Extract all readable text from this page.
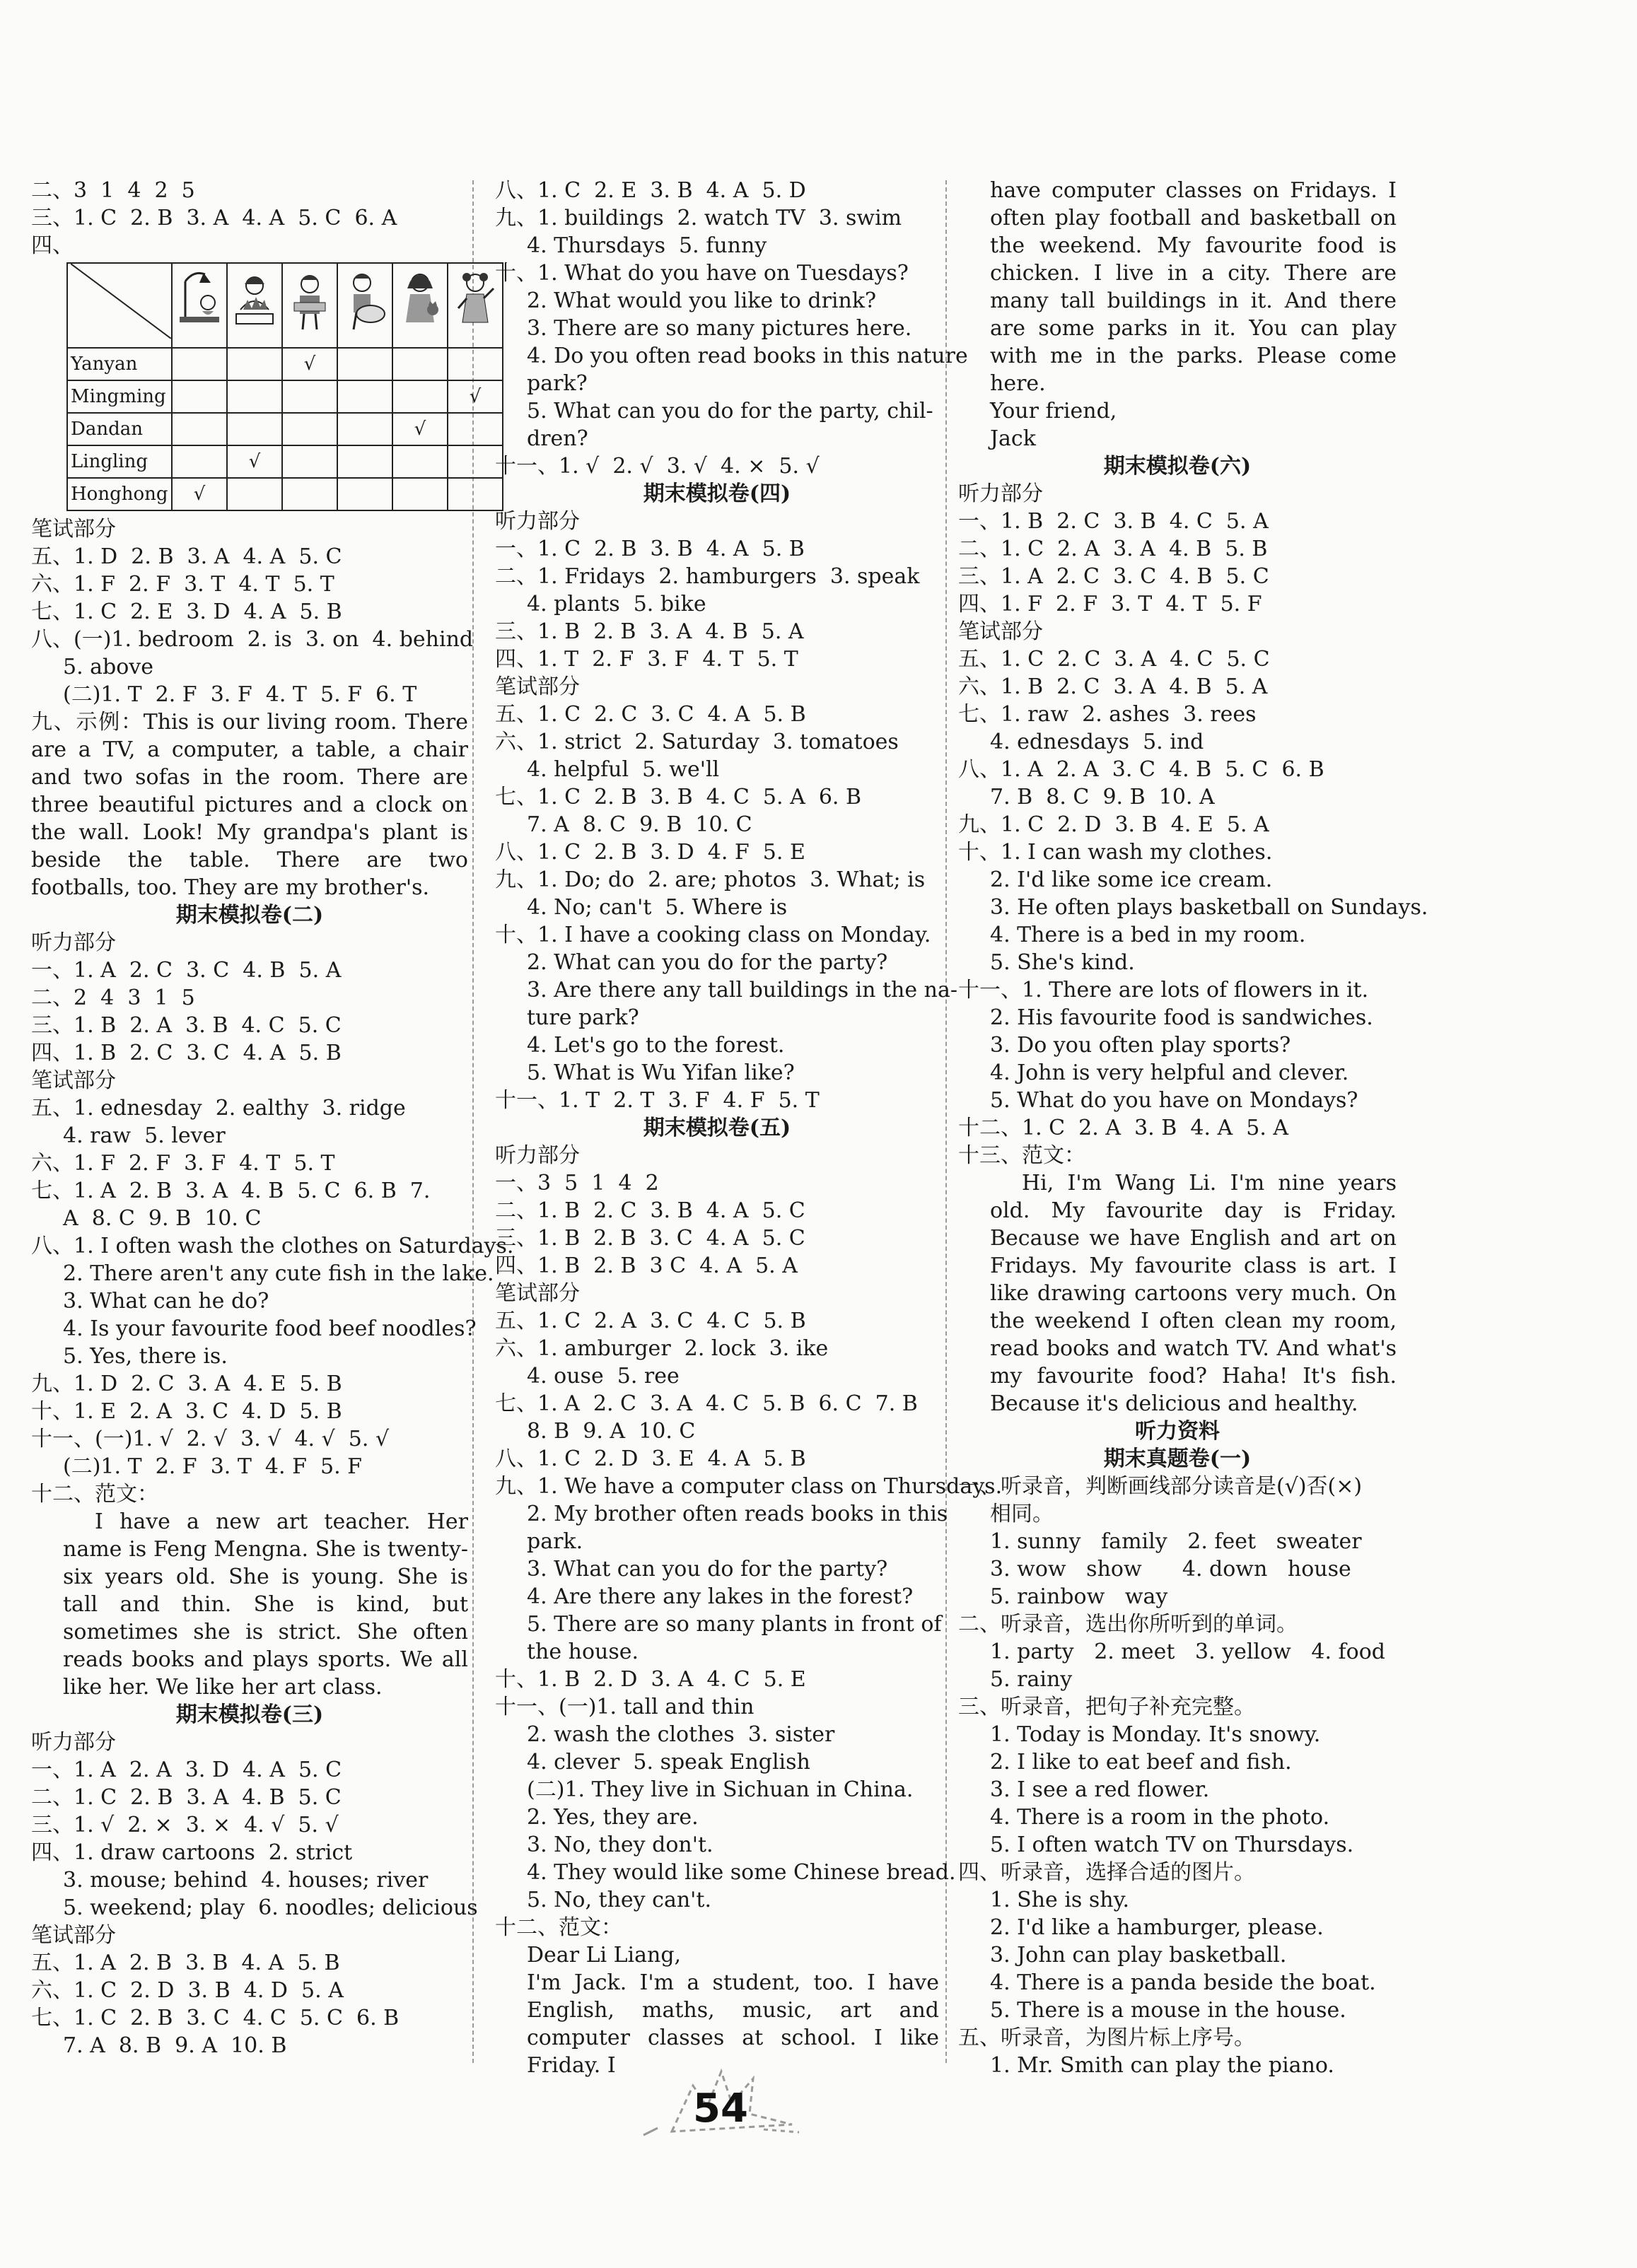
二、3  1  4  2  5
三、1. C  2. B  3. A  4. A  5. C  6. A
四、

Yanyan			√			
Mingming						√
Dandan					√	
Lingling		√				
Honghong	√					
笔试部分
五、1. D  2. B  3. A  4. A  5. C
六、1. F  2. F  3. T  4. T  5. T
七、1. C  2. E  3. D  4. A  5. B
八、(一)1. bedroom  2. is  3. on  4. behind
5. above
(二)1. T  2. F  3. F  4. T  5. F  6. T
九、示例：This is our living room. There are a TV, a computer, a table, a chair and two sofas in the room. There are three beautiful pictures and a clock on the wall. Look! My grandpa's plant is beside the table. There are two footballs, too. They are my brother's.
期末模拟卷(二)
听力部分
一、1. A  2. C  3. C  4. B  5. A
二、2  4  3  1  5
三、1. B  2. A  3. B  4. C  5. C
四、1. B  2. C  3. C  4. A  5. B
笔试部分
五、1. ednesday  2. ealthy  3. ridge
4. raw  5. lever
六、1. F  2. F  3. F  4. T  5. T
七、1. A  2. B  3. A  4. B  5. C  6. B  7.
A  8. C  9. B  10. C
八、1. I often wash the clothes on Saturdays.
2. There aren't any cute fish in the lake.
3. What can he do?
4. Is your favourite food beef noodles?
5. Yes, there is.
九、1. D  2. C  3. A  4. E  5. B
十、1. E  2. A  3. C  4. D  5. B
十一、(一)1. √  2. √  3. √  4. √  5. √
(二)1. T  2. F  3. T  4. F  5. F
十二、范文：
I have a new art teacher. Her name is Feng Mengna. She is twenty-six years old. She is young. She is tall and thin. She is kind, but sometimes she is strict. She often reads books and plays sports. We all like her. We like her art class.
期末模拟卷(三)
听力部分
一、1. A  2. A  3. D  4. A  5. C
二、1. C  2. B  3. A  4. B  5. C
三、1. √  2. ×  3. ×  4. √  5. √
四、1. draw cartoons  2. strict
3. mouse; behind  4. houses; river
5. weekend; play  6. noodles; delicious
笔试部分
五、1. A  2. B  3. B  4. A  5. B
六、1. C  2. D  3. B  4. D  5. A
七、1. C  2. B  3. C  4. C  5. C  6. B
7. A  8. B  9. A  10. B
八、1. C  2. E  3. B  4. A  5. D
九、1. buildings  2. watch TV  3. swim
4. Thursdays  5. funny
十、1. What do you have on Tuesdays?
2. What would you like to drink?
3. There are so many pictures here.
4. Do you often read books in this nature
park?
5. What can you do for the party, chil-
dren?
十一、1. √  2. √  3. √  4. ×  5. √
期末模拟卷(四)
听力部分
一、1. C  2. B  3. B  4. A  5. B
二、1. Fridays  2. hamburgers  3. speak
4. plants  5. bike
三、1. B  2. B  3. A  4. B  5. A
四、1. T  2. F  3. F  4. T  5. T
笔试部分
五、1. C  2. C  3. C  4. A  5. B
六、1. strict  2. Saturday  3. tomatoes
4. helpful  5. we'll
七、1. C  2. B  3. B  4. C  5. A  6. B
7. A  8. C  9. B  10. C
八、1. C  2. B  3. D  4. F  5. E
九、1. Do; do  2. are; photos  3. What; is
4. No; can't  5. Where is
十、1. I have a cooking class on Monday.
2. What can you do for the party?
3. Are there any tall buildings in the na-
ture park?
4. Let's go to the forest.
5. What is Wu Yifan like?
十一、1. T  2. T  3. F  4. F  5. T
期末模拟卷(五)
听力部分
一、3  5  1  4  2
二、1. B  2. C  3. B  4. A  5. C
三、1. B  2. B  3. C  4. A  5. C
四、1. B  2. B  3 C  4. A  5. A
笔试部分
五、1. C  2. A  3. C  4. C  5. B
六、1. amburger  2. lock  3. ike
4. ouse  5. ree
七、1. A  2. C  3. A  4. C  5. B  6. C  7. B
8. B  9. A  10. C
八、1. C  2. D  3. E  4. A  5. B
九、1. We have a computer class on Thursdays.
2. My brother often reads books in this
park.
3. What can you do for the party?
4. Are there any lakes in the forest?
5. There are so many plants in front of
the house.
十、1. B  2. D  3. A  4. C  5. E
十一、(一)1. tall and thin
2. wash the clothes  3. sister
4. clever  5. speak English
(二)1. They live in Sichuan in China.
2. Yes, they are.
3. No, they don't.
4. They would like some Chinese bread.
5. No, they can't.
十二、范文：
Dear Li Liang,
I'm Jack. I'm a student, too. I have English, maths, music, art and computer classes at school. I like Friday. I
have computer classes on Fridays. I often play football and basketball on the weekend. My favourite food is chicken. I live in a city. There are many tall buildings in it. And there are some parks in it. You can play with me in the parks. Please come here.
Your friend,
Jack
期末模拟卷(六)
听力部分
一、1. B  2. C  3. B  4. C  5. A
二、1. C  2. A  3. A  4. B  5. B
三、1. A  2. C  3. C  4. B  5. C
四、1. F  2. F  3. T  4. T  5. F
笔试部分
五、1. C  2. C  3. A  4. C  5. C
六、1. B  2. C  3. A  4. B  5. A
七、1. raw  2. ashes  3. rees
4. ednesdays  5. ind
八、1. A  2. A  3. C  4. B  5. C  6. B
7. B  8. C  9. B  10. A
九、1. C  2. D  3. B  4. E  5. A
十、1. I can wash my clothes.
2. I'd like some ice cream.
3. He often plays basketball on Sundays.
4. There is a bed in my room.
5. She's kind.
十一、1. There are lots of flowers in it.
2. His favourite food is sandwiches.
3. Do you often play sports?
4. John is very helpful and clever.
5. What do you have on Mondays?
十二、1. C  2. A  3. B  4. A  5. A
十三、范文：
Hi, I'm Wang Li. I'm nine years old. My favourite day is Friday. Because we have English and art on Fridays. My favourite class is art. I like drawing cartoons very much. On the weekend I often clean my room, read books and watch TV. And what's my favourite food? Haha! It's fish. Because it's delicious and healthy.
听力资料
期末真题卷(一)
一、听录音，判断画线部分读音是(√)否(×)
相同。
1. sunny   family   2. feet   sweater
3. wow   show      4. down   house
5. rainbow   way
二、听录音，选出你所听到的单词。
1. party   2. meet   3. yellow   4. food
5. rainy
三、听录音，把句子补充完整。
1. Today is Monday. It's snowy.
2. I like to eat beef and fish.
3. I see a red flower.
4. There is a room in the photo.
5. I often watch TV on Thursdays.
四、听录音，选择合适的图片。
1. She is shy.
2. I'd like a hamburger, please.
3. John can play basketball.
4. There is a panda beside the boat.
5. There is a mouse in the house.
五、听录音，为图片标上序号。
1. Mr. Smith can play the piano.
54
